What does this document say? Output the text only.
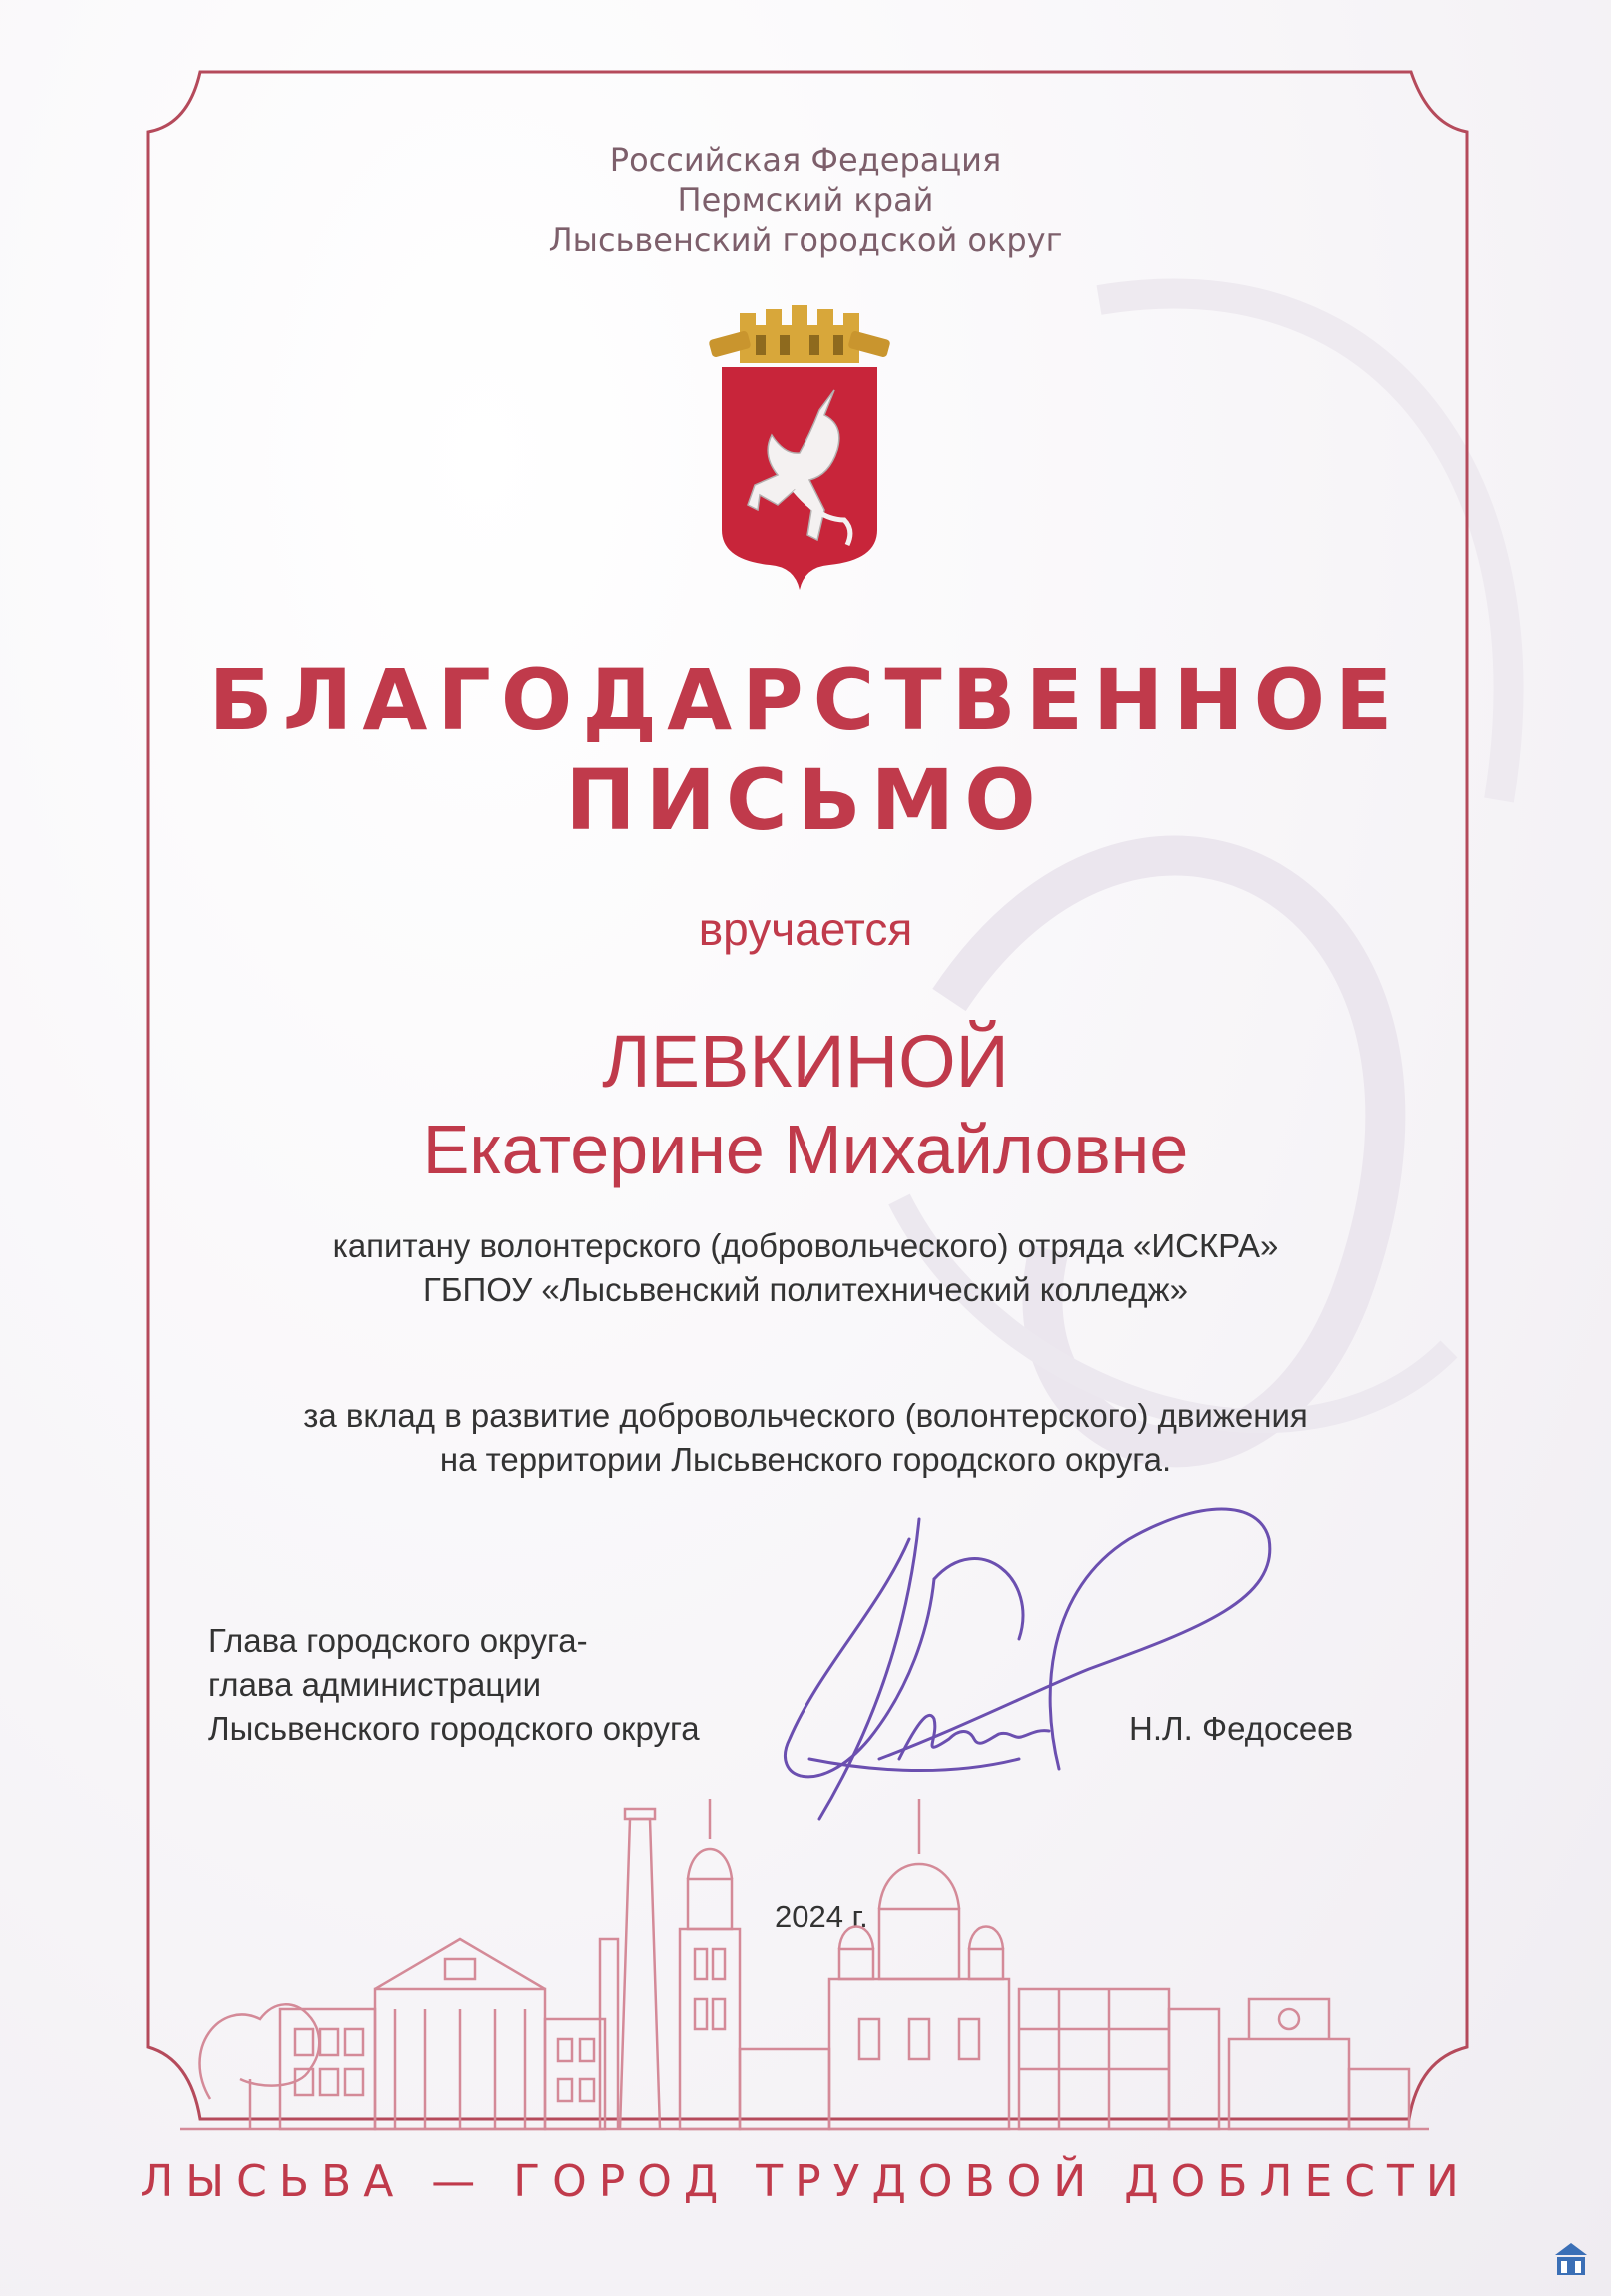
Российская Федерация
Пермский край
Лысьвенский городской округ
БЛАГОДАРСТВЕННОЕ
ПИСЬМО
вручается
ЛЕВКИНОЙ
Екатерине Михайловне
капитану волонтерского (добровольческого) отряда «ИСКРА»
ГБПОУ «Лысьвенский политехнический колледж»
за вклад в развитие добровольческого (волонтерского) движения
на территории Лысьвенского городского округа.
Глава городского округа-
глава администрации
Лысьвенского городского округа	Н.Л. Федосеев
2024 г.
ЛЫСЬВА — ГОРОД ТРУДОВОЙ ДОБЛЕСТИ
